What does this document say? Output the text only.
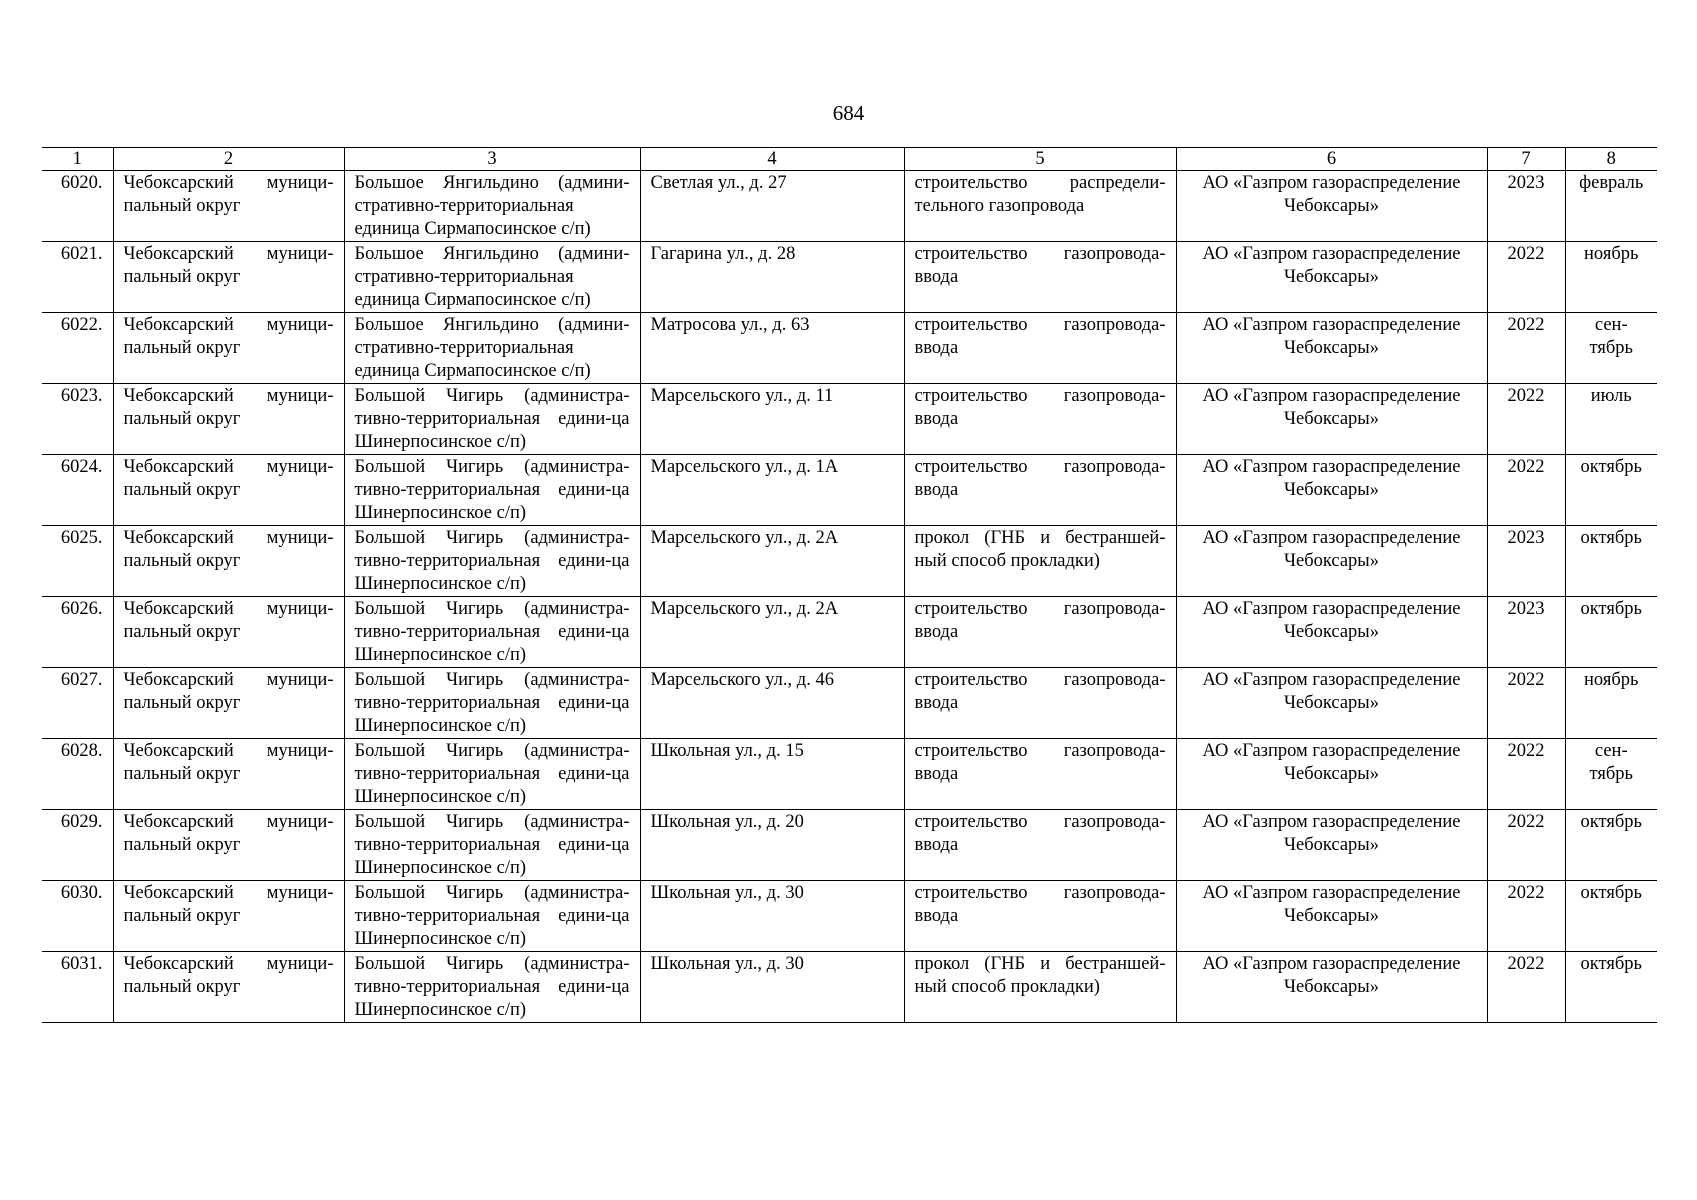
684
1	2	3	4	5	6	7	8
6020.	Чебоксарский муници-пальный округ	Большое Янгильдино (админи-стративно-территориальная единица Сирмапосинское с/п)	Светлая ул., д. 27	строительство распредели-тельного газопровода	АО «Газпром газораспределение Чебоксары»	2023	февраль
6021.	Чебоксарский муници-пальный округ	Большое Янгильдино (админи-стративно-территориальная единица Сирмапосинское с/п)	Гагарина ул., д. 28	строительство газопровода-ввода	АО «Газпром газораспределение Чебоксары»	2022	ноябрь
6022.	Чебоксарский муници-пальный округ	Большое Янгильдино (админи-стративно-территориальная единица Сирмапосинское с/п)	Матросова ул., д. 63	строительство газопровода-ввода	АО «Газпром газораспределение Чебоксары»	2022	сен-тябрь
6023.	Чебоксарский муници-пальный округ	Большой Чигирь (администра-тивно-территориальная едини-ца Шинерпосинское с/п)	Марсельского ул., д. 11	строительство газопровода-ввода	АО «Газпром газораспределение Чебоксары»	2022	июль
6024.	Чебоксарский муници-пальный округ	Большой Чигирь (администра-тивно-территориальная едини-ца Шинерпосинское с/п)	Марсельского ул., д. 1А	строительство газопровода-ввода	АО «Газпром газораспределение Чебоксары»	2022	октябрь
6025.	Чебоксарский муници-пальный округ	Большой Чигирь (администра-тивно-территориальная едини-ца Шинерпосинское с/п)	Марсельского ул., д. 2А	прокол (ГНБ и бестраншей-ный способ прокладки)	АО «Газпром газораспределение Чебоксары»	2023	октябрь
6026.	Чебоксарский муници-пальный округ	Большой Чигирь (администра-тивно-территориальная едини-ца Шинерпосинское с/п)	Марсельского ул., д. 2А	строительство газопровода-ввода	АО «Газпром газораспределение Чебоксары»	2023	октябрь
6027.	Чебоксарский муници-пальный округ	Большой Чигирь (администра-тивно-территориальная едини-ца Шинерпосинское с/п)	Марсельского ул., д. 46	строительство газопровода-ввода	АО «Газпром газораспределение Чебоксары»	2022	ноябрь
6028.	Чебоксарский муници-пальный округ	Большой Чигирь (администра-тивно-территориальная едини-ца Шинерпосинское с/п)	Школьная ул., д. 15	строительство газопровода-ввода	АО «Газпром газораспределение Чебоксары»	2022	сен-тябрь
6029.	Чебоксарский муници-пальный округ	Большой Чигирь (администра-тивно-территориальная едини-ца Шинерпосинское с/п)	Школьная ул., д. 20	строительство газопровода-ввода	АО «Газпром газораспределение Чебоксары»	2022	октябрь
6030.	Чебоксарский муници-пальный округ	Большой Чигирь (администра-тивно-территориальная едини-ца Шинерпосинское с/п)	Школьная ул., д. 30	строительство газопровода-ввода	АО «Газпром газораспределение Чебоксары»	2022	октябрь
6031.	Чебоксарский муници-пальный округ	Большой Чигирь (администра-тивно-территориальная едини-ца Шинерпосинское с/п)	Школьная ул., д. 30	прокол (ГНБ и бестраншей-ный способ прокладки)	АО «Газпром газораспределение Чебоксары»	2022	октябрь
